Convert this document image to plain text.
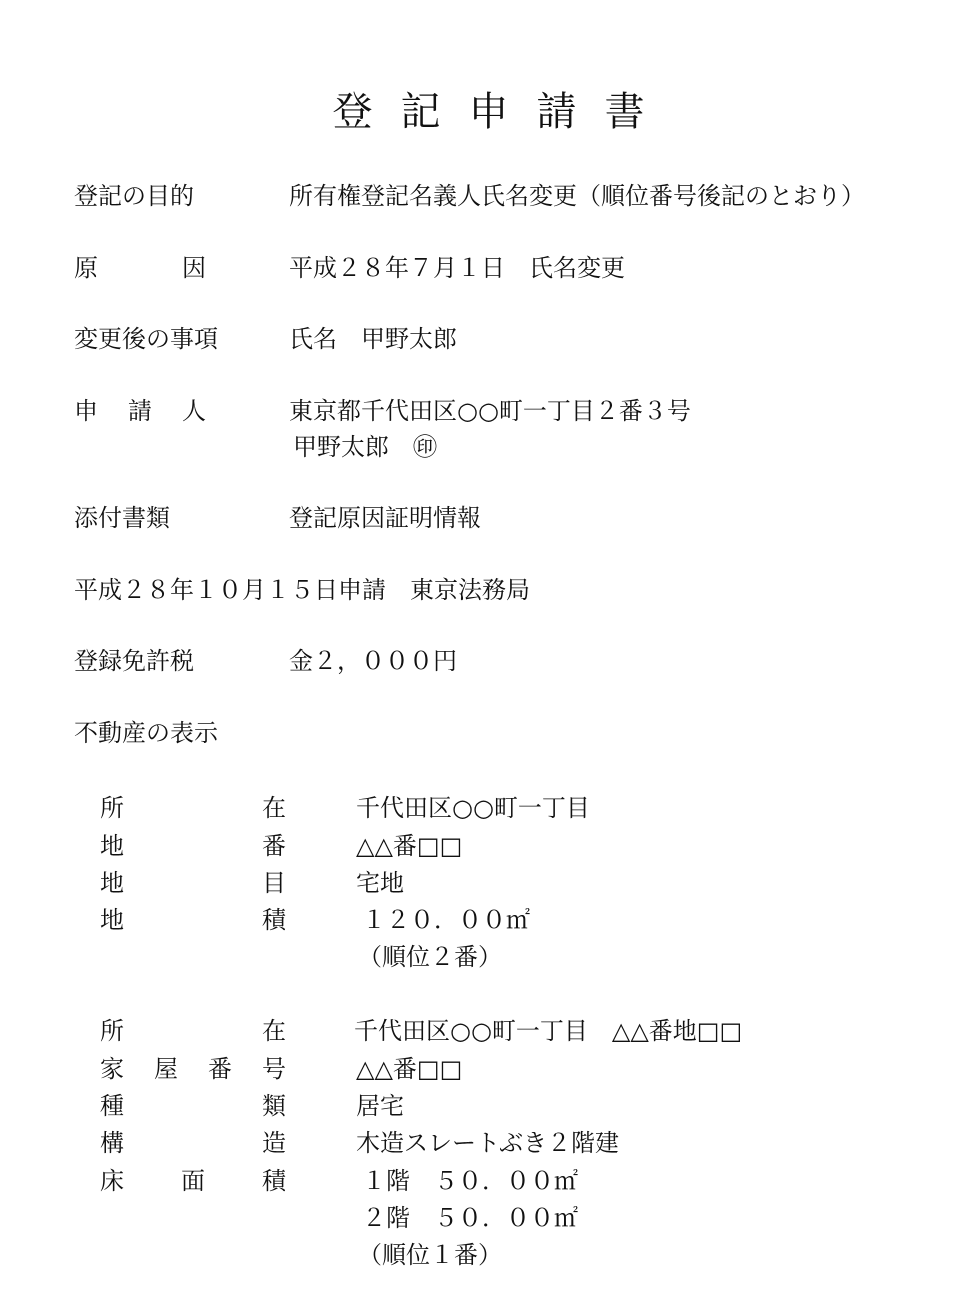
登記申請書
登記の目的	所有権登記名義人氏名変更（順位番号後記のとおり）
原	因	平成２８年７月１日　氏名変更
変更後の事項	氏名　甲野太郎
申 請 人	東京都千代田区○○町一丁目２番３号
甲野太郎　㊞
添付書類	登記原因証明情報
平成２８年１０月１５日申請　東京法務局
登録免許税	金２，０００円
不動産の表示
所	在	千代田区○○町一丁目
地	番	△△番□□
地	目	宅地
地	積	１２０．００㎡
（順位２番）
所	在	千代田区○○町一丁目　△△番地□□
家 屋 番 号	△△番□□
種	類	居宅
構	造	木造スレートぶき２階建
床 面 積	１階　５０．００㎡
２階　５０．００㎡
（順位１番）
